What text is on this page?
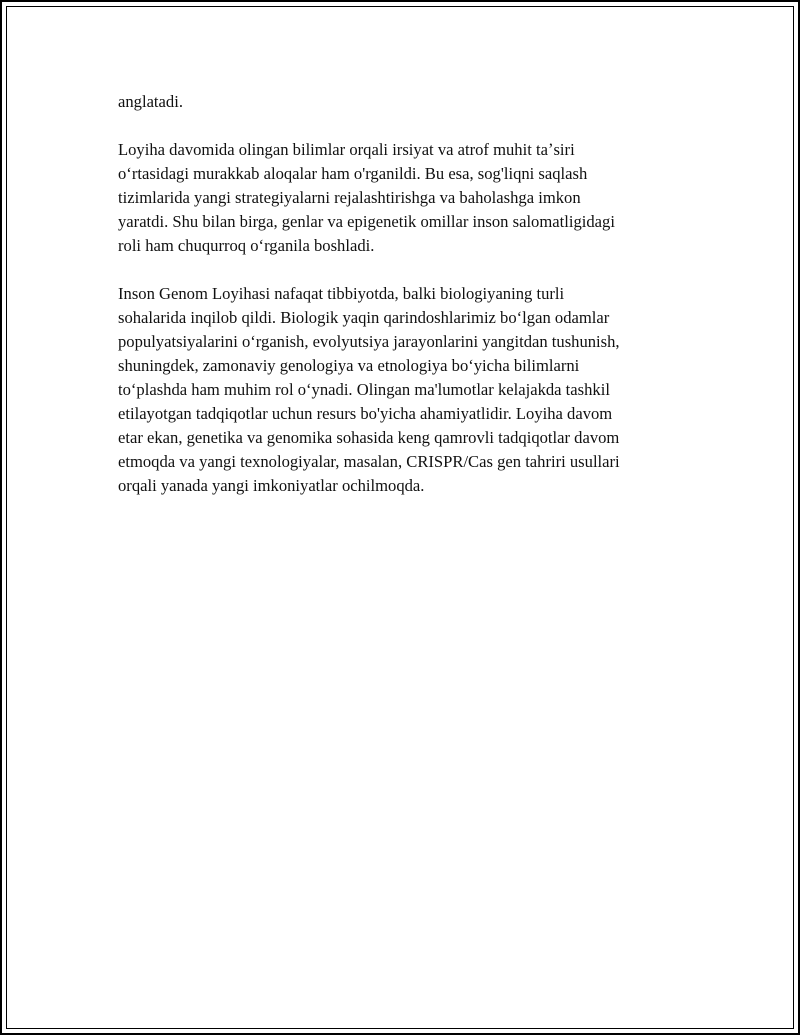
anglatadi.

Loyiha davomida olingan bilimlar orqali irsiyat va atrof muhit taʼsiri
oʻrtasidagi murakkab aloqalar ham o'rganildi. Bu esa, sog'liqni saqlash
tizimlarida yangi strategiyalarni rejalashtirishga va baholashga imkon
yaratdi. Shu bilan birga, genlar va epigenetik omillar inson salomatligidagi
roli ham chuqurroq oʻrganila boshladi.

Inson Genom Loyihasi nafaqat tibbiyotda, balki biologiyaning turli
sohalarida inqilob qildi. Biologik yaqin qarindoshlarimiz boʻlgan odamlar
populyatsiyalarini oʻrganish, evolyutsiya jarayonlarini yangitdan tushunish,
shuningdek, zamonaviy genologiya va etnologiya boʻyicha bilimlarni
toʻplashda ham muhim rol oʻynadi. Olingan ma'lumotlar kelajakda tashkil
etilayotgan tadqiqotlar uchun resurs bo'yicha ahamiyatlidir. Loyiha davom
etar ekan, genetika va genomika sohasida keng qamrovli tadqiqotlar davom
etmoqda va yangi texnologiyalar, masalan, CRISPR/Cas gen tahriri usullari
orqali yanada yangi imkoniyatlar ochilmoqda.
